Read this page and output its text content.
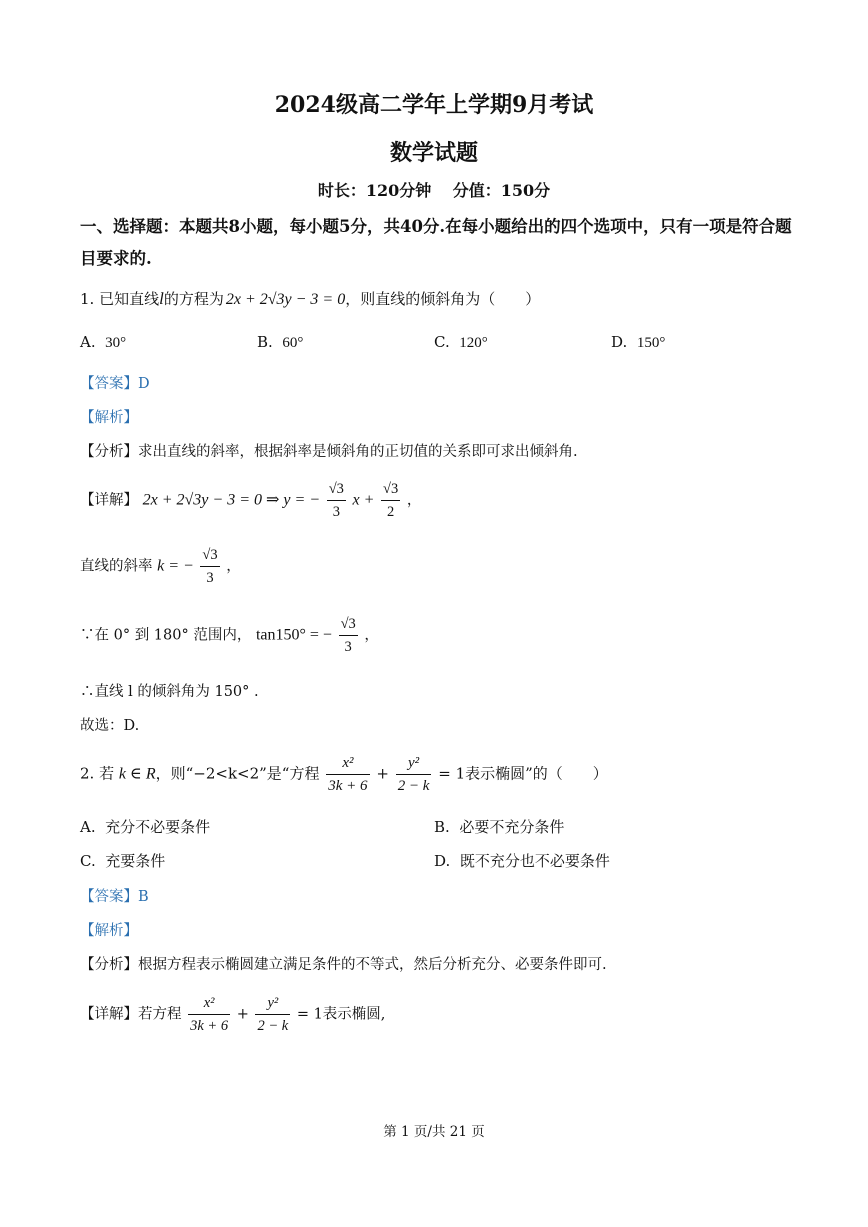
2024级高二学年上学期9月考试
数学试题
时长：120分钟　 分值：150分
一、选择题：本题共8小题，每小题5分，共40分.在每小题给出的四个选项中，只有一项是符合题目要求的.
1. 已知直线l的方程为 2x + 2√3y − 3 = 0，则直线的倾斜角为（　　）
A. 30°	B. 60°	C. 120°	D. 150°
【答案】D
【解析】
【分析】求出直线的斜率，根据斜率是倾斜角的正切值的关系即可求出倾斜角.
【详解】 2x + 2√3y − 3 = 0 ⇒ y = − $\frac{√3}{3}$ $x + \frac{√3}{2}$ ，
直线的斜率 k = − $\frac{√3}{3}$ ，
∵在 0° 到 180° 范围内， tan150° = − $\frac{√3}{3}$ ，
∴直线 l 的倾斜角为 150° .
故选：D.
2. 若 k ∈ R，则“−2<k<2”是“方程 $\frac{\text{x²}}{3k + 6} + \frac{\text{y²}}{2 - k} = 1$表示椭圆”的（　　）
A. 充分不必要条件	B. 必要不充分条件
C. 充要条件	D. 既不充分也不必要条件
【答案】B
【解析】
【分析】根据方程表示椭圆建立满足条件的不等式，然后分析充分、必要条件即可.
【详解】若方程 $\frac{\text{x²}}{3k + 6} + \frac{\text{y²}}{2 - k} = 1$表示椭圆,
第 1 页/共 21 页
